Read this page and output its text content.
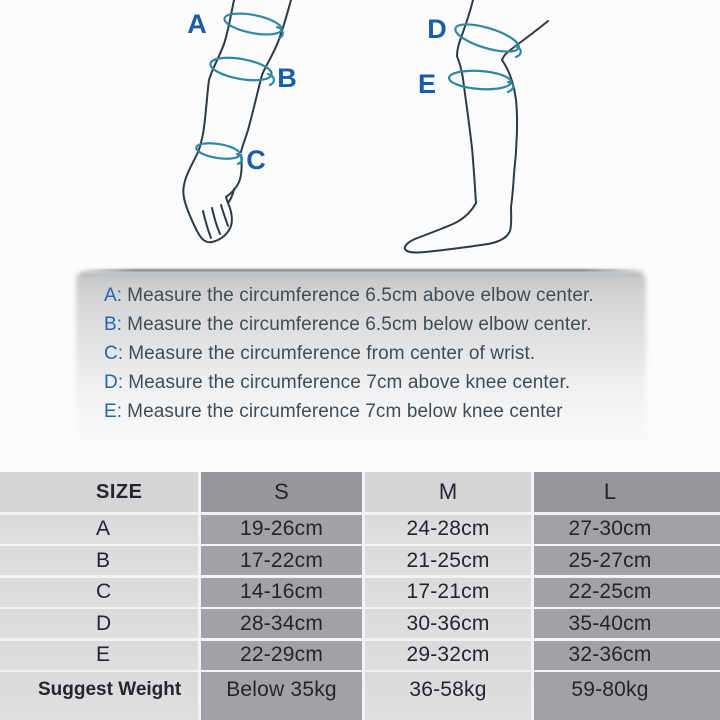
A
B
C
D
E
A: Measure the circumference 6.5cm above elbow center.
B: Measure the circumference 6.5cm below elbow center.
C: Measure the circumference from center of wrist.
D: Measure the circumference 7cm above knee center.
E: Measure the circumference 7cm below knee center
SIZE	S	M	L
A	19-26cm	24-28cm	27-30cm
B	17-22cm	21-25cm	25-27cm
C	14-16cm	17-21cm	22-25cm
D	28-34cm	30-36cm	35-40cm
E	22-29cm	29-32cm	32-36cm
Suggest Weight	Below 35kg	36-58kg	59-80kg
